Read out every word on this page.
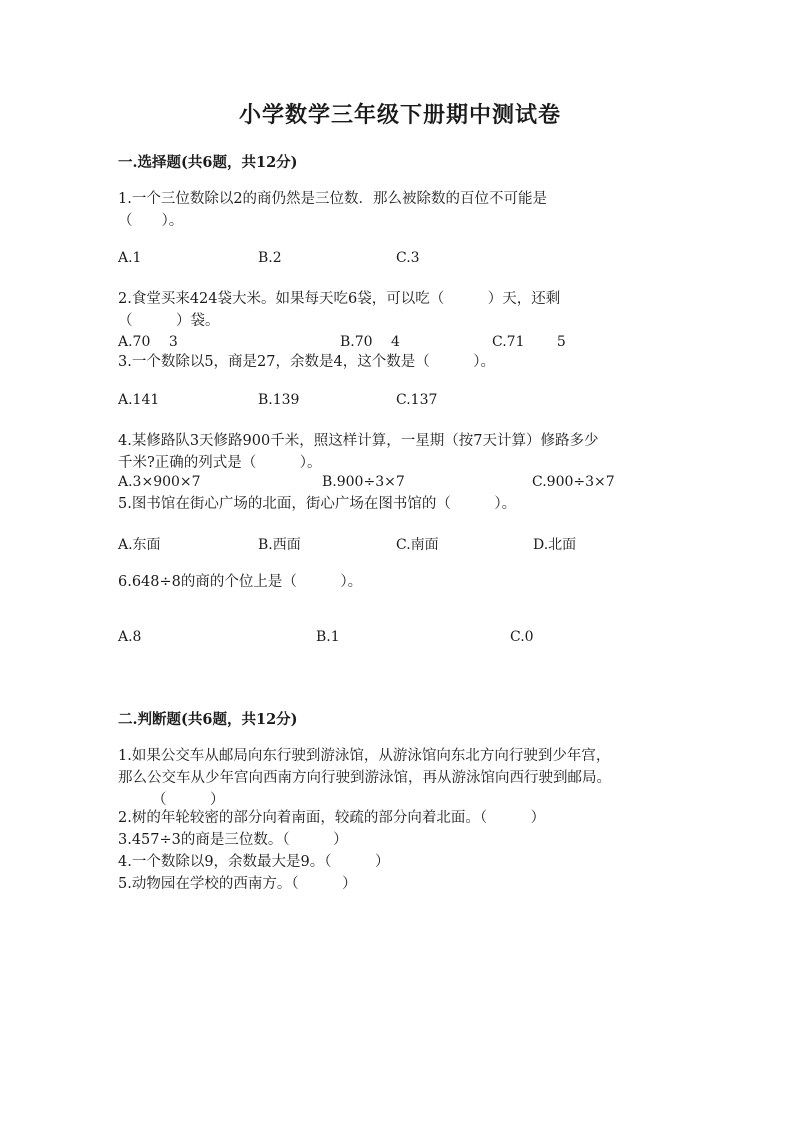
小学数学三年级下册期中测试卷
一.选择题(共6题，共12分)
1.一个三位数除以2的商仍然是三位数．那么被除数的百位不可能是
（　　）。
A.1	B.2	C.3
2.食堂买来424袋大米。如果每天吃6袋，可以吃（　　　）天，还剩
（　　　）袋。
A.70　 3	B.70　 4	C.71　 　5
3.一个数除以5，商是27，余数是4，这个数是（　　　）。
A.141	B.139	C.137
4.某修路队3天修路900千米，照这样计算，一星期（按7天计算）修路多少
千米?正确的列式是（　　　）。
A.3×900×7	B.900÷3×7	C.900÷3×7
5.图书馆在街心广场的北面，街心广场在图书馆的（　　　）。
A.东面	B.西面	C.南面	D.北面
6.648÷8的商的个位上是（　　　）。
A.8	B.1	C.0
二.判断题(共6题，共12分)
1.如果公交车从邮局向东行驶到游泳馆，从游泳馆向东北方向行驶到少年宫，
那么公交车从少年宫向西南方向行驶到游泳馆，再从游泳馆向西行驶到邮局。
（　　　）
2.树的年轮较密的部分向着南面，较疏的部分向着北面。（　　　）
3.457÷3的商是三位数。（　　　）
4.一个数除以9，余数最大是9。（　　　）
5.动物园在学校的西南方。（　　　）
